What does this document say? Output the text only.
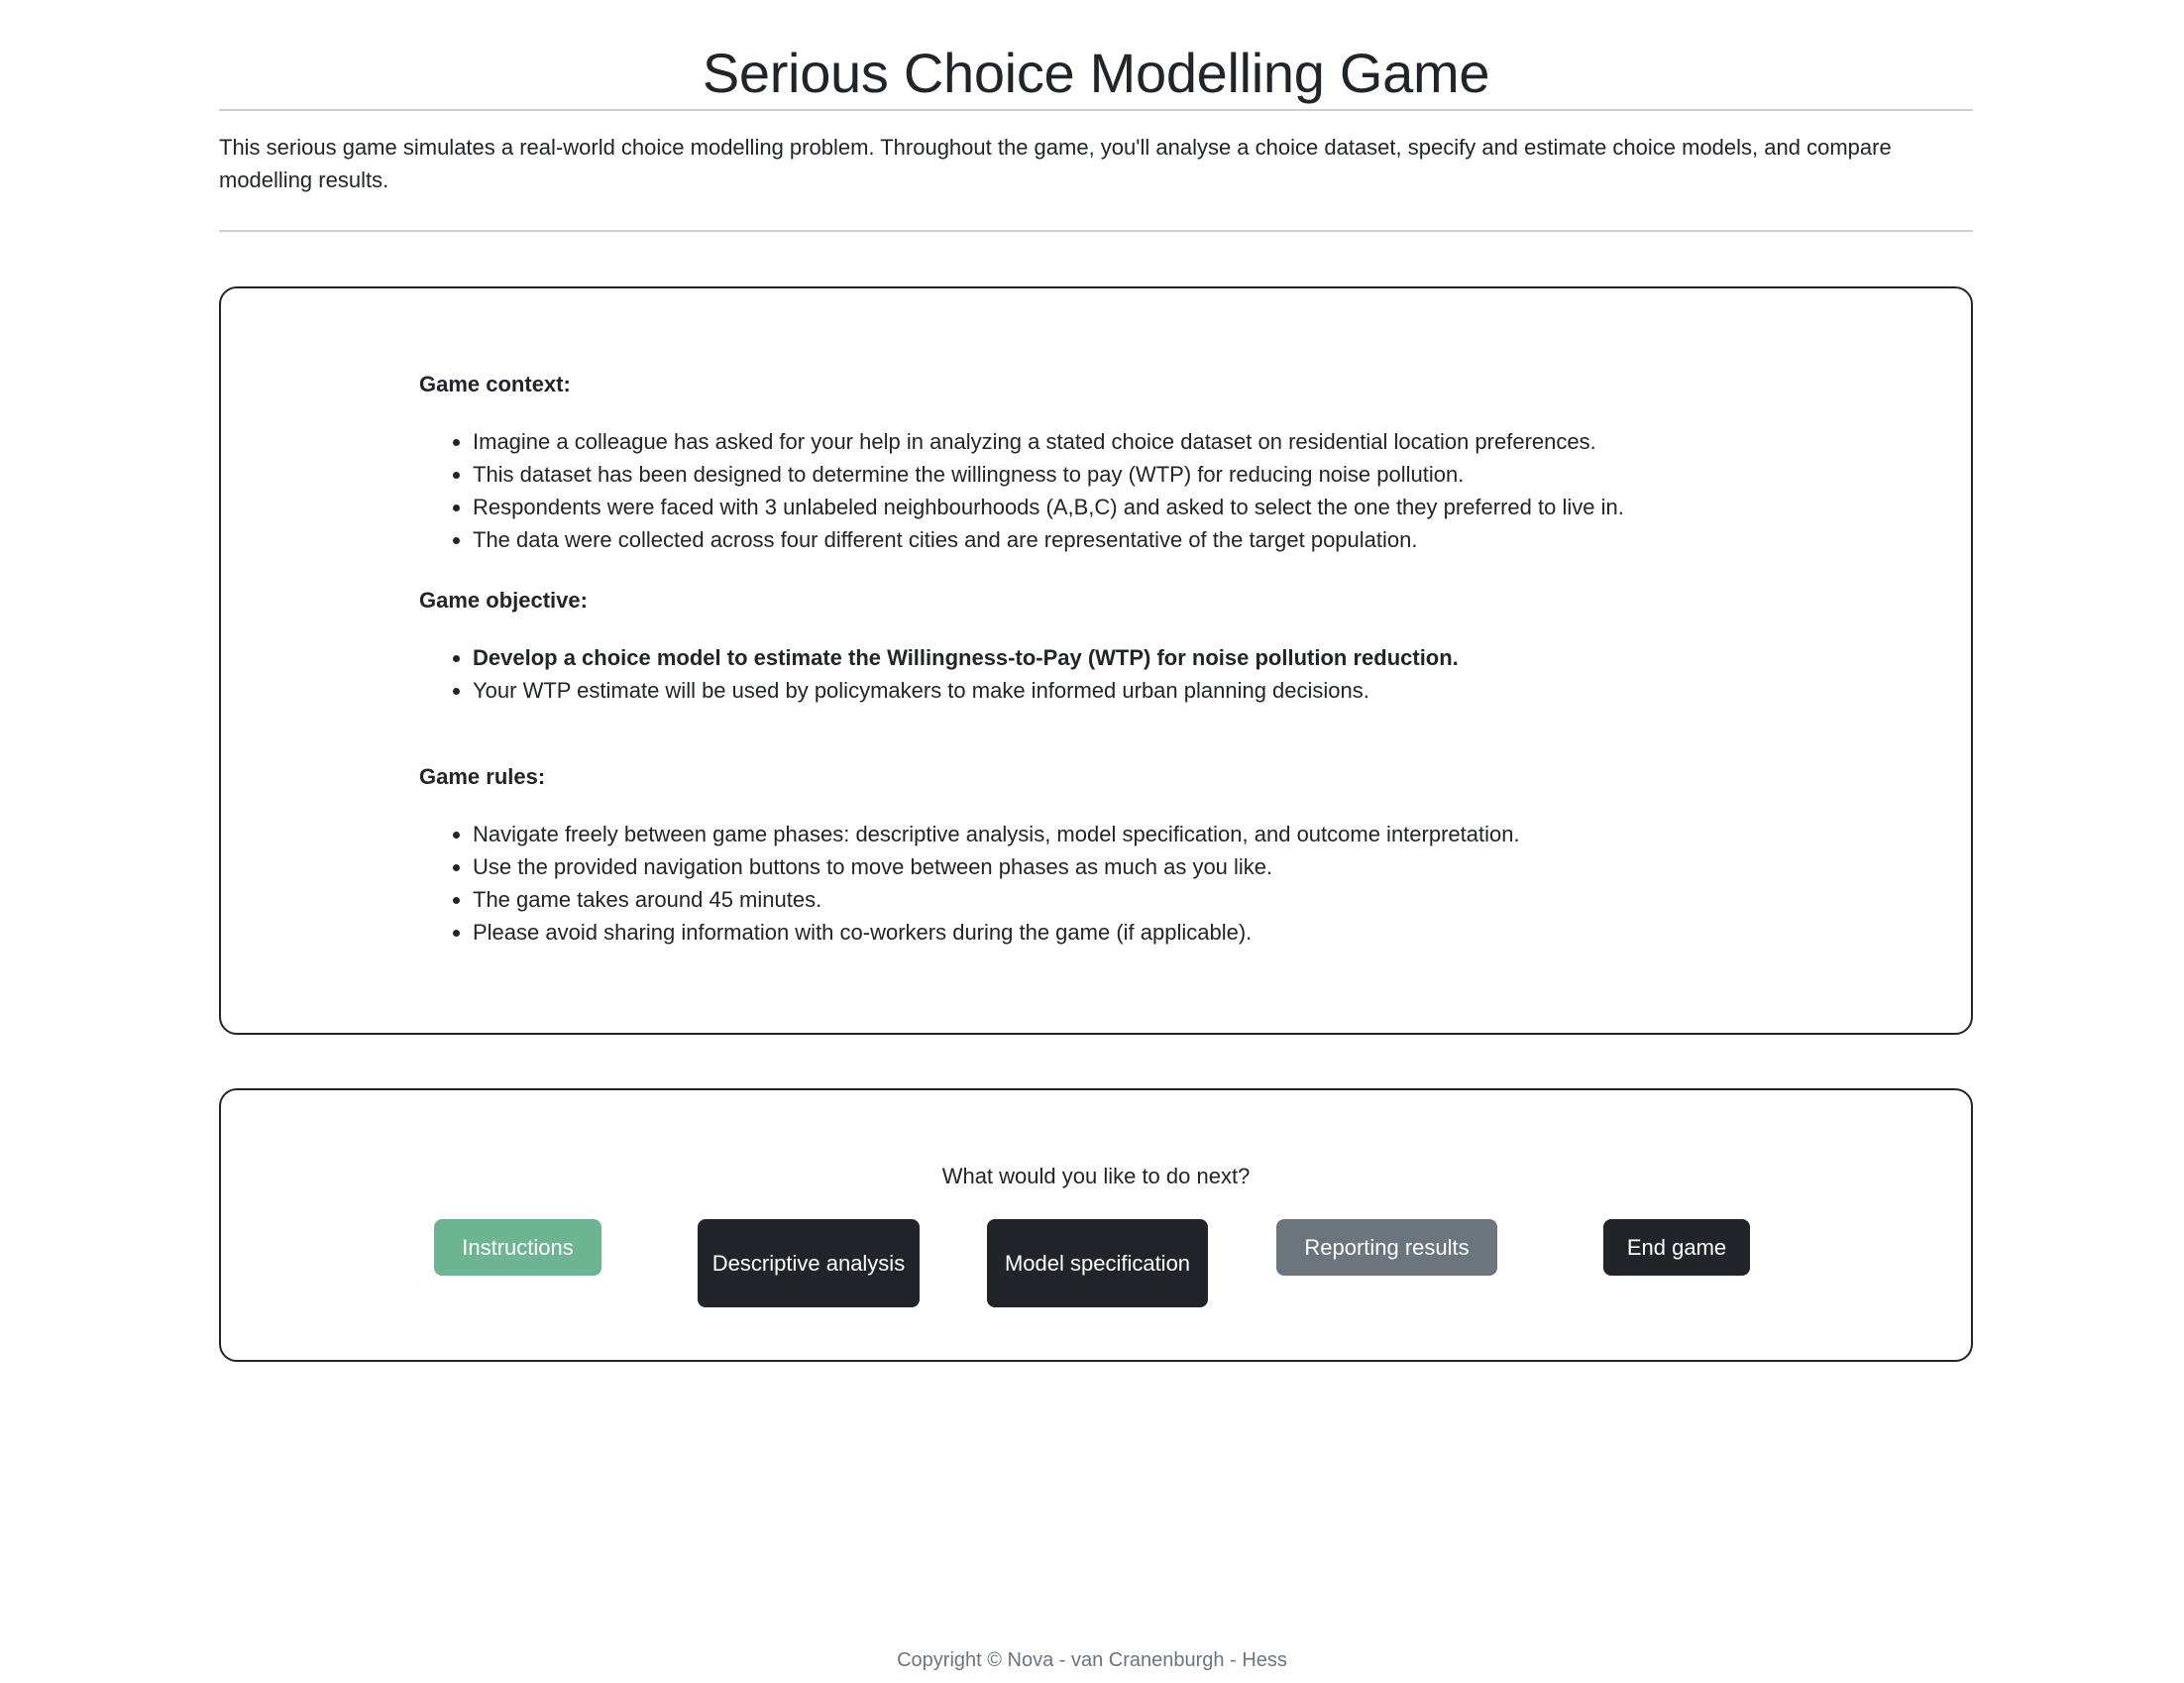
Serious Choice Modelling Game

This serious game simulates a real-world choice modelling problem. Throughout the game, you'll analyse a choice dataset, specify and estimate choice models, and compare modelling results.

Game context:

• Imagine a colleague has asked for your help in analyzing a stated choice dataset on residential location preferences.
• This dataset has been designed to determine the willingness to pay (WTP) for reducing noise pollution.
• Respondents were faced with 3 unlabeled neighbourhoods (A,B,C) and asked to select the one they preferred to live in.
• The data were collected across four different cities and are representative of the target population.

Game objective:

• Develop a choice model to estimate the Willingness-to-Pay (WTP) for noise pollution reduction.
• Your WTP estimate will be used by policymakers to make informed urban planning decisions.

Game rules:

• Navigate freely between game phases: descriptive analysis, model specification, and outcome interpretation.
• Use the provided navigation buttons to move between phases as much as you like.
• The game takes around 45 minutes.
• Please avoid sharing information with co-workers during the game (if applicable).
What would you like to do next?
Instructions
Descriptive analysis	Model specification
Reporting results	End game
Copyright © Nova - van Cranenburgh - Hess
